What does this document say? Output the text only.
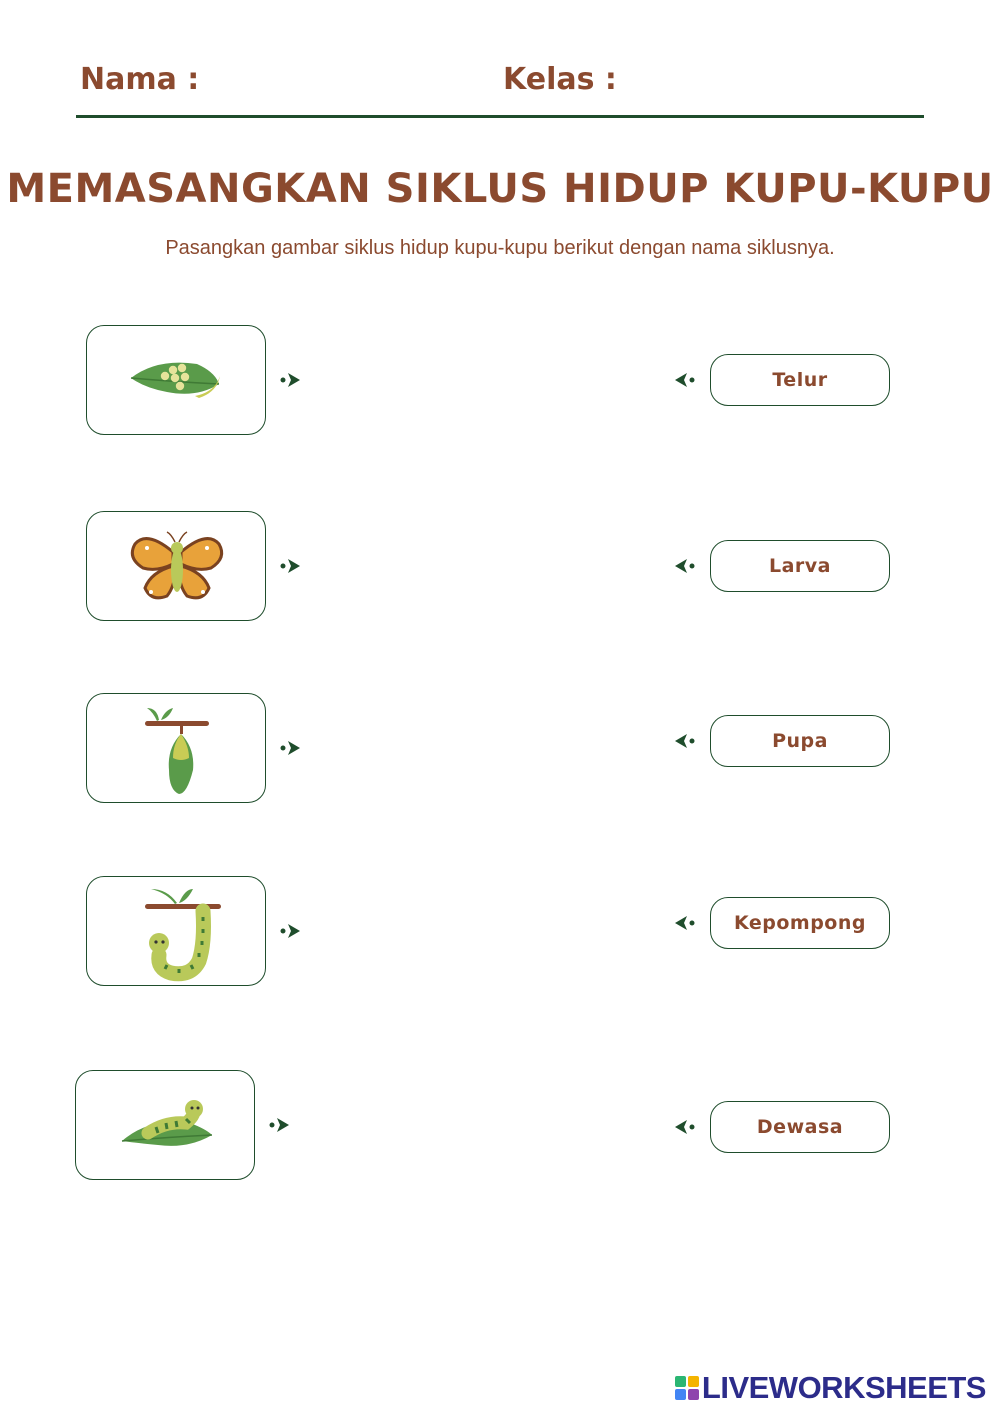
Nama :	Kelas :
MEMASANGKAN SIKLUS HIDUP KUPU-KUPU
Pasangkan gambar siklus hidup kupu-kupu berikut dengan nama siklusnya.
Telur
Larva
Pupa
Kepompong
Dewasa
LIVEWORKSHEETS
